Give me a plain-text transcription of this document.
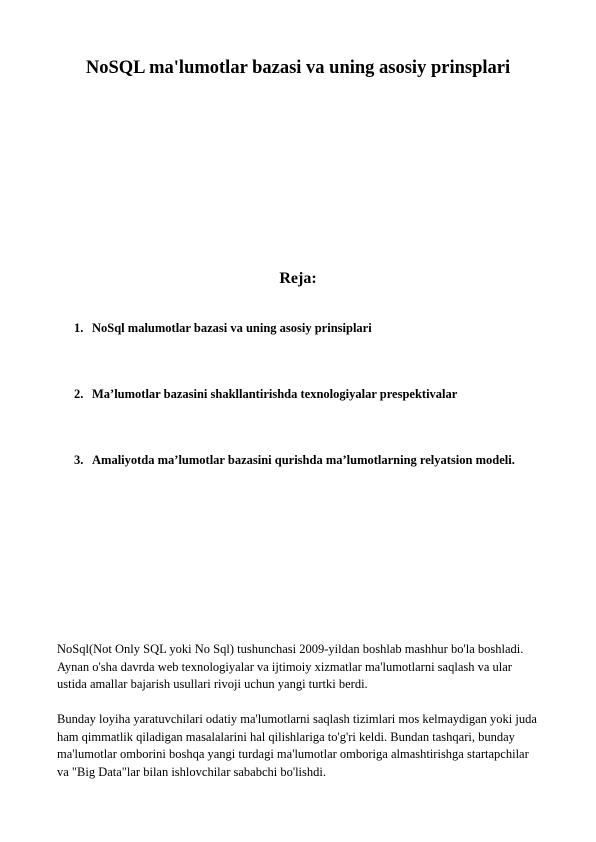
NoSQL ma'lumotlar bazasi va uning asosiy prinsplari
Reja:
1. NoSql malumotlar bazasi va uning asosiy prinsiplari
2. Ma’lumotlar bazasini shakllantirishda texnologiyalar prespektivalar
3. Amaliyotda ma’lumotlar bazasini qurishda ma’lumotlarning relyatsion modeli.

NoSql(Not Only SQL yoki No Sql) tushunchasi 2009-yildan boshlab mashhur bo'la boshladi. Aynan o'sha davrda web texnologiyalar va ijtimoiy xizmatlar ma'lumotlarni saqlash va ular ustida amallar bajarish usullari rivoji uchun yangi turtki berdi.

Bunday loyiha yaratuvchilari odatiy ma'lumotlarni saqlash tizimlari mos kelmaydigan yoki juda ham qimmatlik qiladigan masalalarini hal qilishlariga to'g'ri keldi. Bundan tashqari, bunday ma'lumotlar omborini boshqa yangi turdagi ma'lumotlar omboriga almashtirishga startapchilar va "Big Data"lar bilan ishlovchilar sababchi bo'lishdi.
